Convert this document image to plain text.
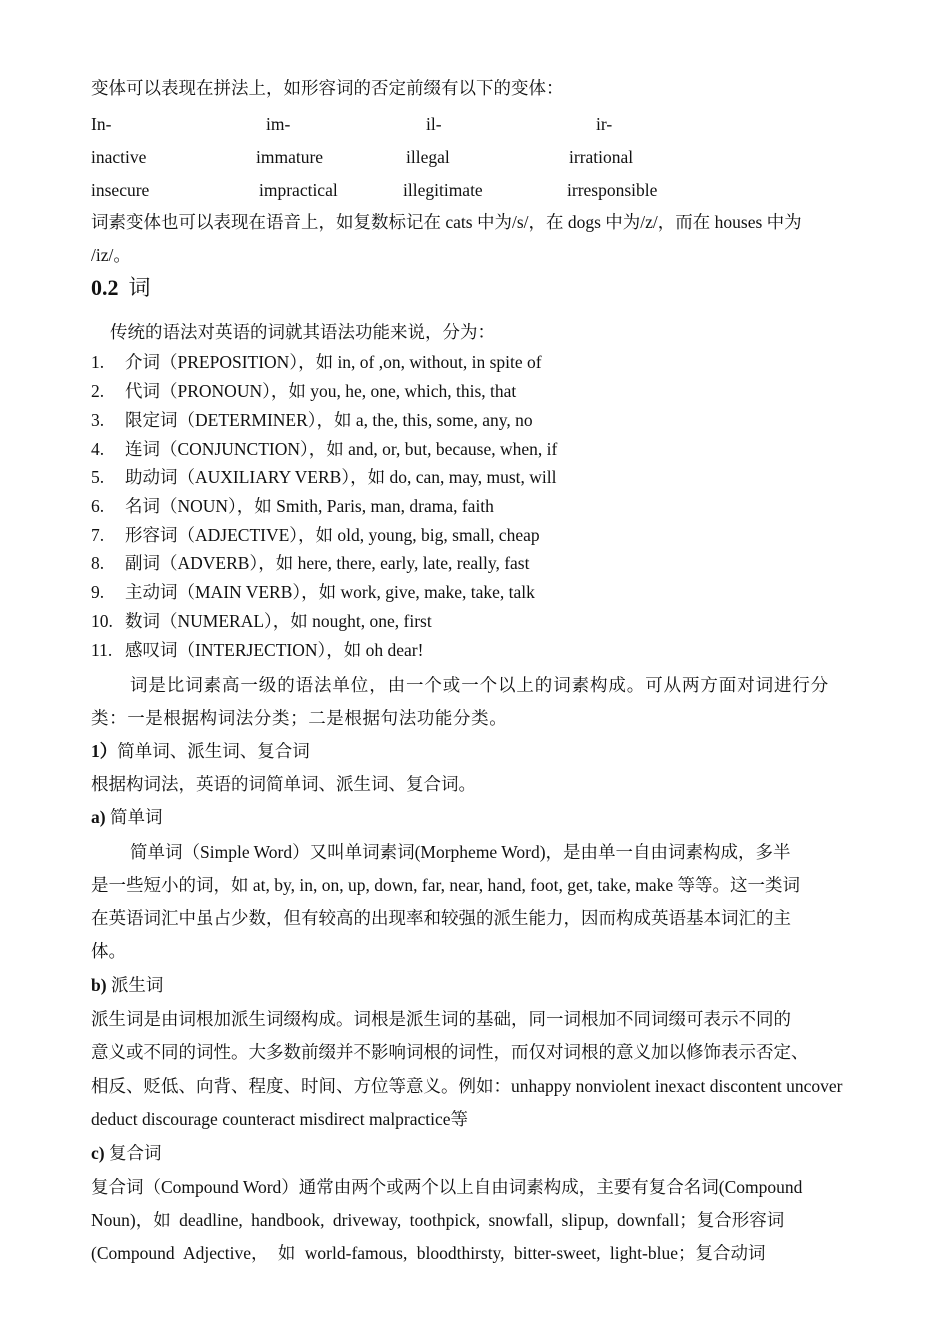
变体可以表现在拼法上，如形容词的否定前缀有以下的变体：
In-	im-	il-	ir-
inactive	immature	illegal	irrational
insecure	impractical	illegitimate	irresponsible
词素变体也可以表现在语音上，如复数标记在 cats 中为/s/，在 dogs 中为/z/，而在 houses 中为
/iz/。
0.2 词
传统的语法对英语的词就其语法功能来说，分为：
1. 介词（PREPOSITION），如 in, of ,on, without, in spite of
2. 代词（PRONOUN），如 you, he, one, which, this, that
3. 限定词（DETERMINER），如 a, the, this, some, any, no
4. 连词（CONJUNCTION），如 and, or, but, because, when, if
5. 助动词（AUXILIARY VERB），如 do, can, may, must, will
6. 名词（NOUN），如 Smith, Paris, man, drama, faith
7. 形容词（ADJECTIVE），如 old, young, big, small, cheap
8. 副词（ADVERB），如 here, there, early, late, really, fast
9. 主动词（MAIN VERB），如 work, give, make, take, talk
10. 数词（NUMERAL），如 nought, one, first
11. 感叹词（INTERJECTION），如 oh dear!
词是比词素高一级的语法单位，由一个或一个以上的词素构成。可从两方面对词进行分
类：一是根据构词法分类；二是根据句法功能分类。
1）简单词、派生词、复合词
根据构词法，英语的词简单词、派生词、复合词。
a) 简单词
简单词（Simple Word）又叫单词素词(Morpheme Word)，是由单一自由词素构成，多半
是一些短小的词，如 at, by, in, on, up, down, far, near, hand, foot, get, take, make 等等。这一类词
在英语词汇中虽占少数，但有较高的出现率和较强的派生能力，因而构成英语基本词汇的主
体。
b) 派生词
派生词是由词根加派生词缀构成。词根是派生词的基础，同一词根加不同词缀可表示不同的
意义或不同的词性。大多数前缀并不影响词根的词性，而仅对词根的意义加以修饰表示否定、
相反、贬低、向背、程度、时间、方位等意义。例如：unhappy nonviolent inexact discontent uncover
deduct discourage counteract misdirect malpractice等
c) 复合词
复合词（Compound Word）通常由两个或两个以上自由词素构成，主要有复合名词(Compound
Noun)，如 deadline, handbook, driveway, toothpick, snowfall, slipup, downfall；复合形容词
(Compound Adjective， 如 world-famous, bloodthirsty, bitter-sweet, light-blue；复合动词
